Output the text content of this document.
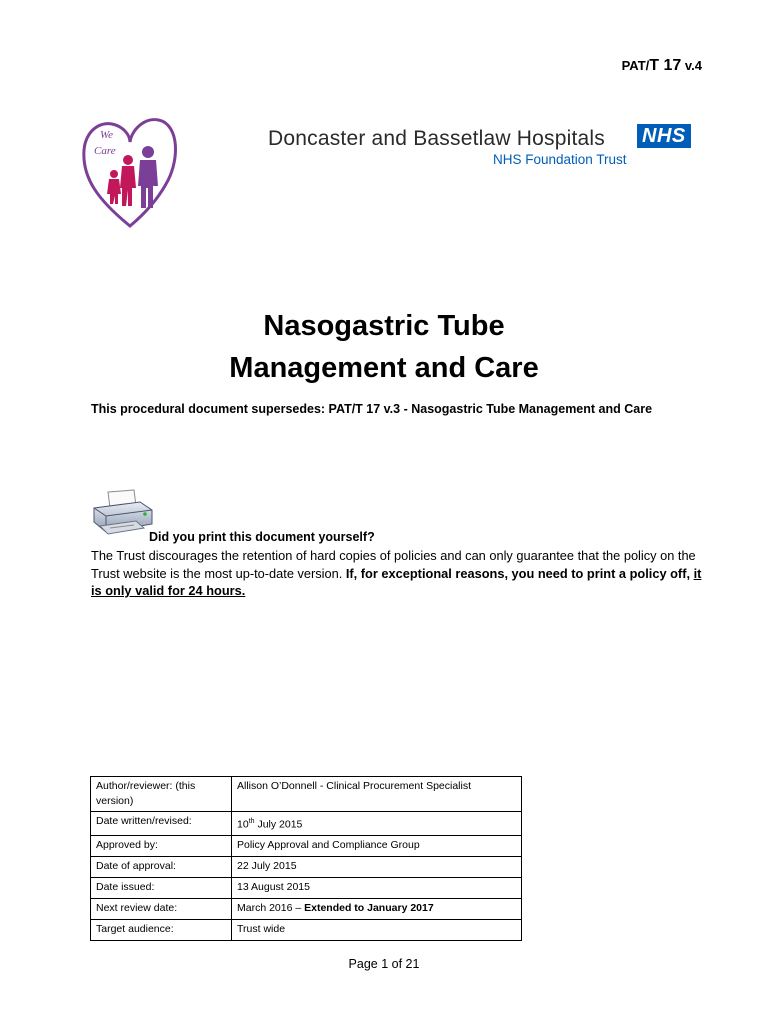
PAT/T 17 v.4
We
Care
Doncaster and Bassetlaw Hospitals NHS
NHS Foundation Trust
Nasogastric Tube
Management and Care
This procedural document supersedes: PAT/T 17 v.3 - Nasogastric Tube Management and Care
Did you print this document yourself?
The Trust discourages the retention of hard copies of policies and can only guarantee that the policy on the Trust website is the most up-to-date version. If, for exceptional reasons, you need to print a policy off, it is only valid for 24 hours.
Author/reviewer: (this version)	Allison O’Donnell - Clinical Procurement Specialist
Date written/revised:	10th July 2015
Approved by:	Policy Approval and Compliance Group
Date of approval:	22 July 2015
Date issued:	13 August 2015
Next review date:	March 2016 – Extended to January 2017
Target audience:	Trust wide
Page 1 of 21
